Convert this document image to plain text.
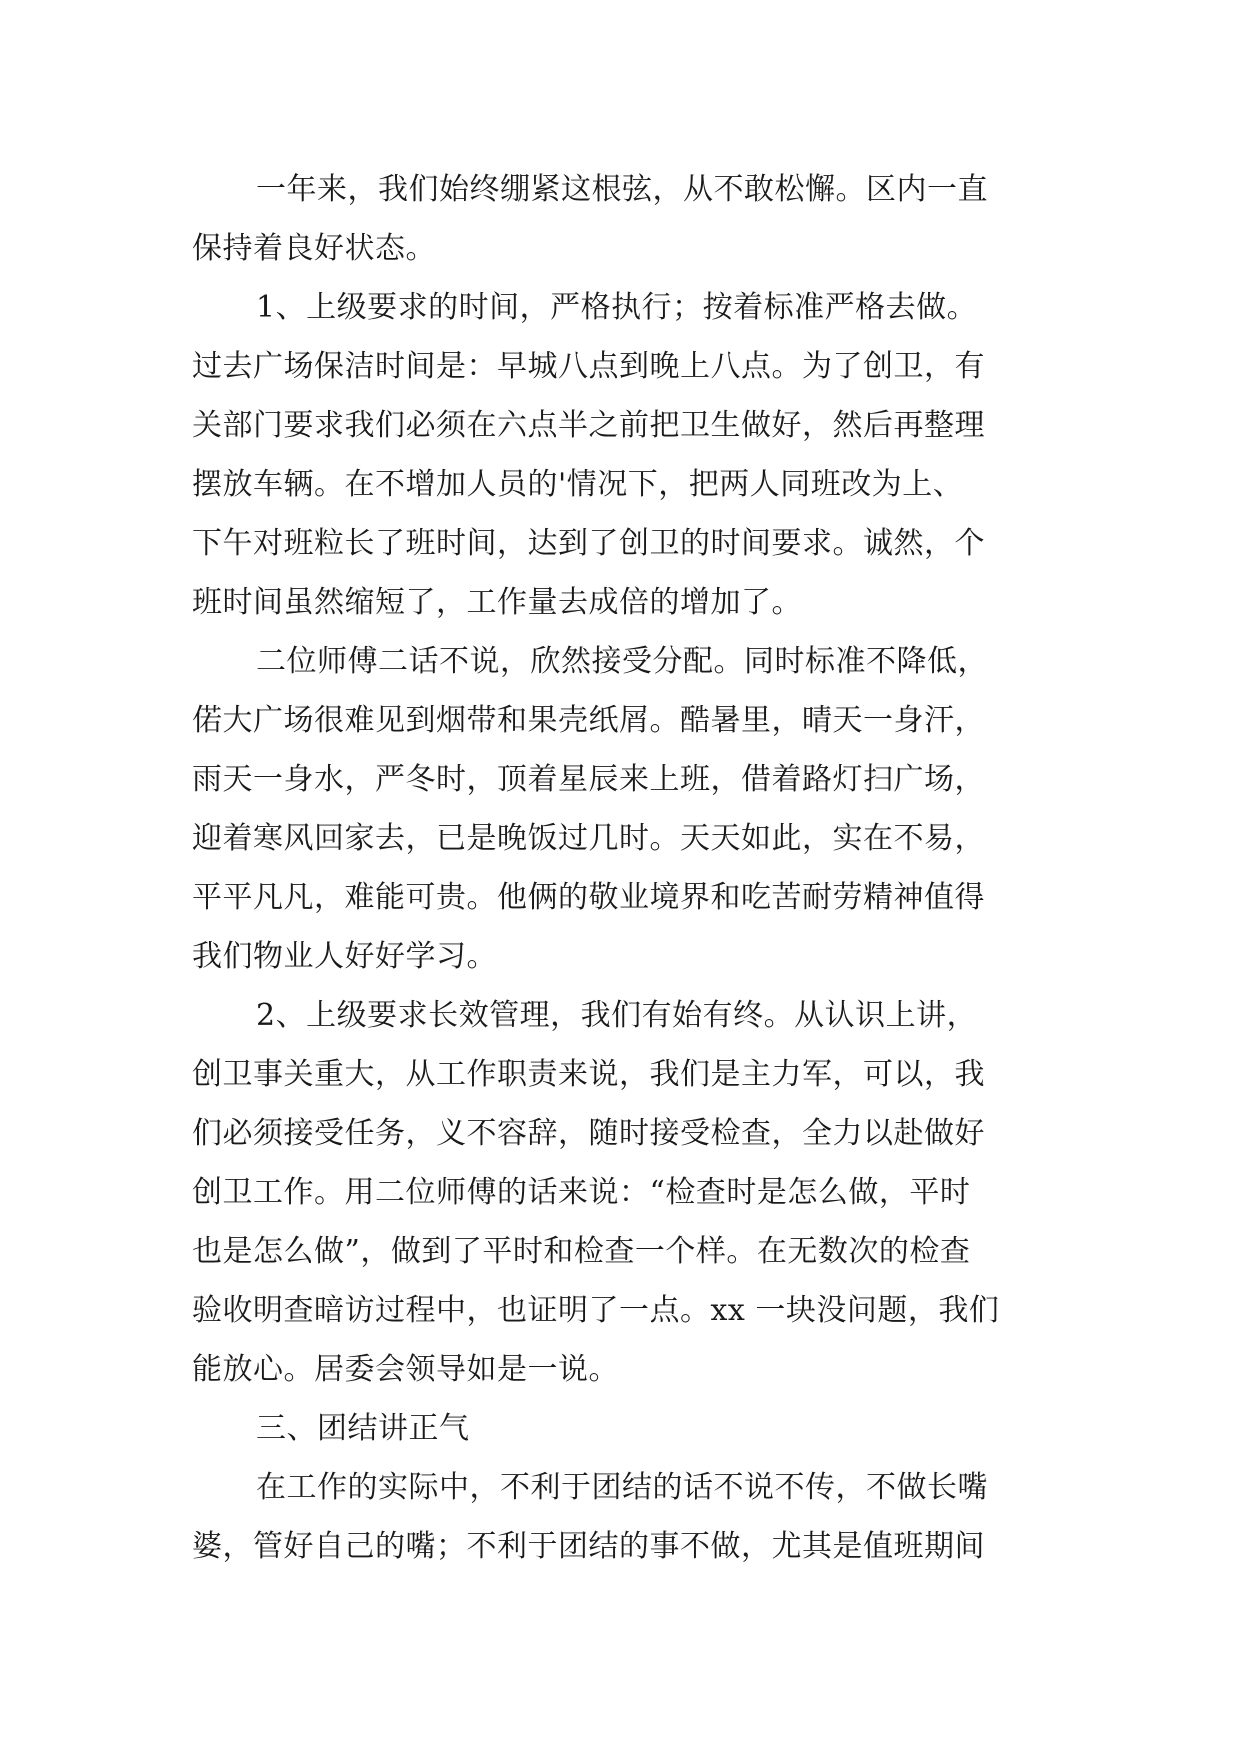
一年来，我们始终绷紧这根弦，从不敢松懈。区内一直
保持着良好状态。
1、上级要求的时间，严格执行；按着标准严格去做。
过去广场保洁时间是：早城八点到晚上八点。为了创卫，有
关部门要求我们必须在六点半之前把卫生做好，然后再整理
摆放车辆。在不增加人员的'情况下，把两人同班改为上、
下午对班粒长了班时间，达到了创卫的时间要求。诚然，个
班时间虽然缩短了，工作量去成倍的增加了。
二位师傅二话不说，欣然接受分配。同时标准不降低，
偌大广场很难见到烟带和果壳纸屑。酷暑里，晴天一身汗，
雨天一身水，严冬时，顶着星辰来上班，借着路灯扫广场，
迎着寒风回家去，已是晚饭过几时。天天如此，实在不易，
平平凡凡，难能可贵。他俩的敬业境界和吃苦耐劳精神值得
我们物业人好好学习。
2、上级要求长效管理，我们有始有终。从认识上讲，
创卫事关重大，从工作职责来说，我们是主力军，可以，我
们必须接受任务，义不容辞，随时接受检查，全力以赴做好
创卫工作。用二位师傅的话来说：“检查时是怎么做，平时
也是怎么做”，做到了平时和检查一个样。在无数次的检查
验收明查暗访过程中，也证明了一点。xx 一块没问题，我们
能放心。居委会领导如是一说。
三、团结讲正气
在工作的实际中，不利于团结的话不说不传，不做长嘴
婆，管好自己的嘴；不利于团结的事不做，尤其是值班期间
